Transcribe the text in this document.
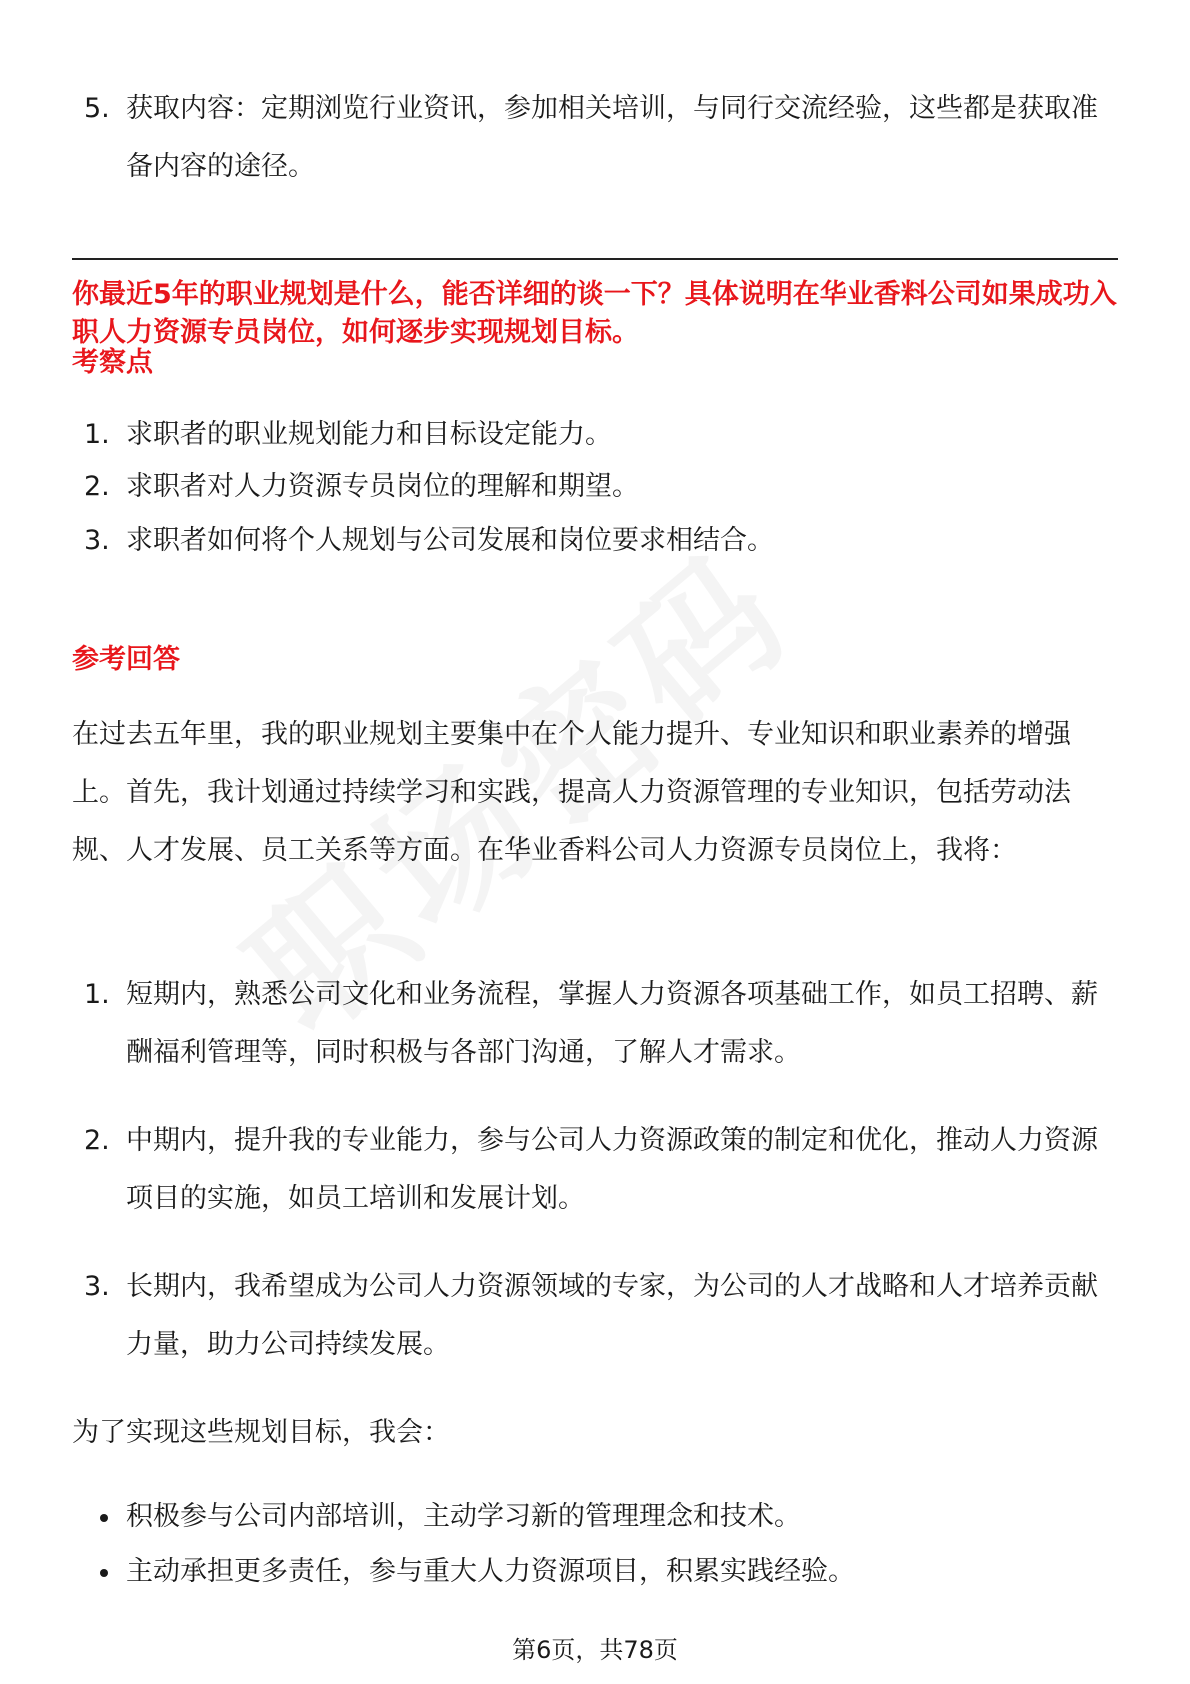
5. 获取内容：定期浏览行业资讯，参加相关培训，与同行交流经验，这些都是获取准备内容的途径。
你最近5年的职业规划是什么，能否详细的谈一下？具体说明在华业香料公司如果成功入职人力资源专员岗位，如何逐步实现规划目标。
考察点
1. 求职者的职业规划能力和目标设定能力。
2. 求职者对人力资源专员岗位的理解和期望。
3. 求职者如何将个人规划与公司发展和岗位要求相结合。
参考回答
在过去五年里，我的职业规划主要集中在个人能力提升、专业知识和职业素养的增强上。首先，我计划通过持续学习和实践，提高人力资源管理的专业知识，包括劳动法规、人才发展、员工关系等方面。在华业香料公司人力资源专员岗位上，我将：
1. 短期内，熟悉公司文化和业务流程，掌握人力资源各项基础工作，如员工招聘、薪酬福利管理等，同时积极与各部门沟通，了解人才需求。
2. 中期内，提升我的专业能力，参与公司人力资源政策的制定和优化，推动人力资源项目的实施，如员工培训和发展计划。
3. 长期内，我希望成为公司人力资源领域的专家，为公司的人才战略和人才培养贡献力量，助力公司持续发展。
为了实现这些规划目标，我会：
积极参与公司内部培训，主动学习新的管理理念和技术。
主动承担更多责任，参与重大人力资源项目，积累实践经验。
第6页，共78页
